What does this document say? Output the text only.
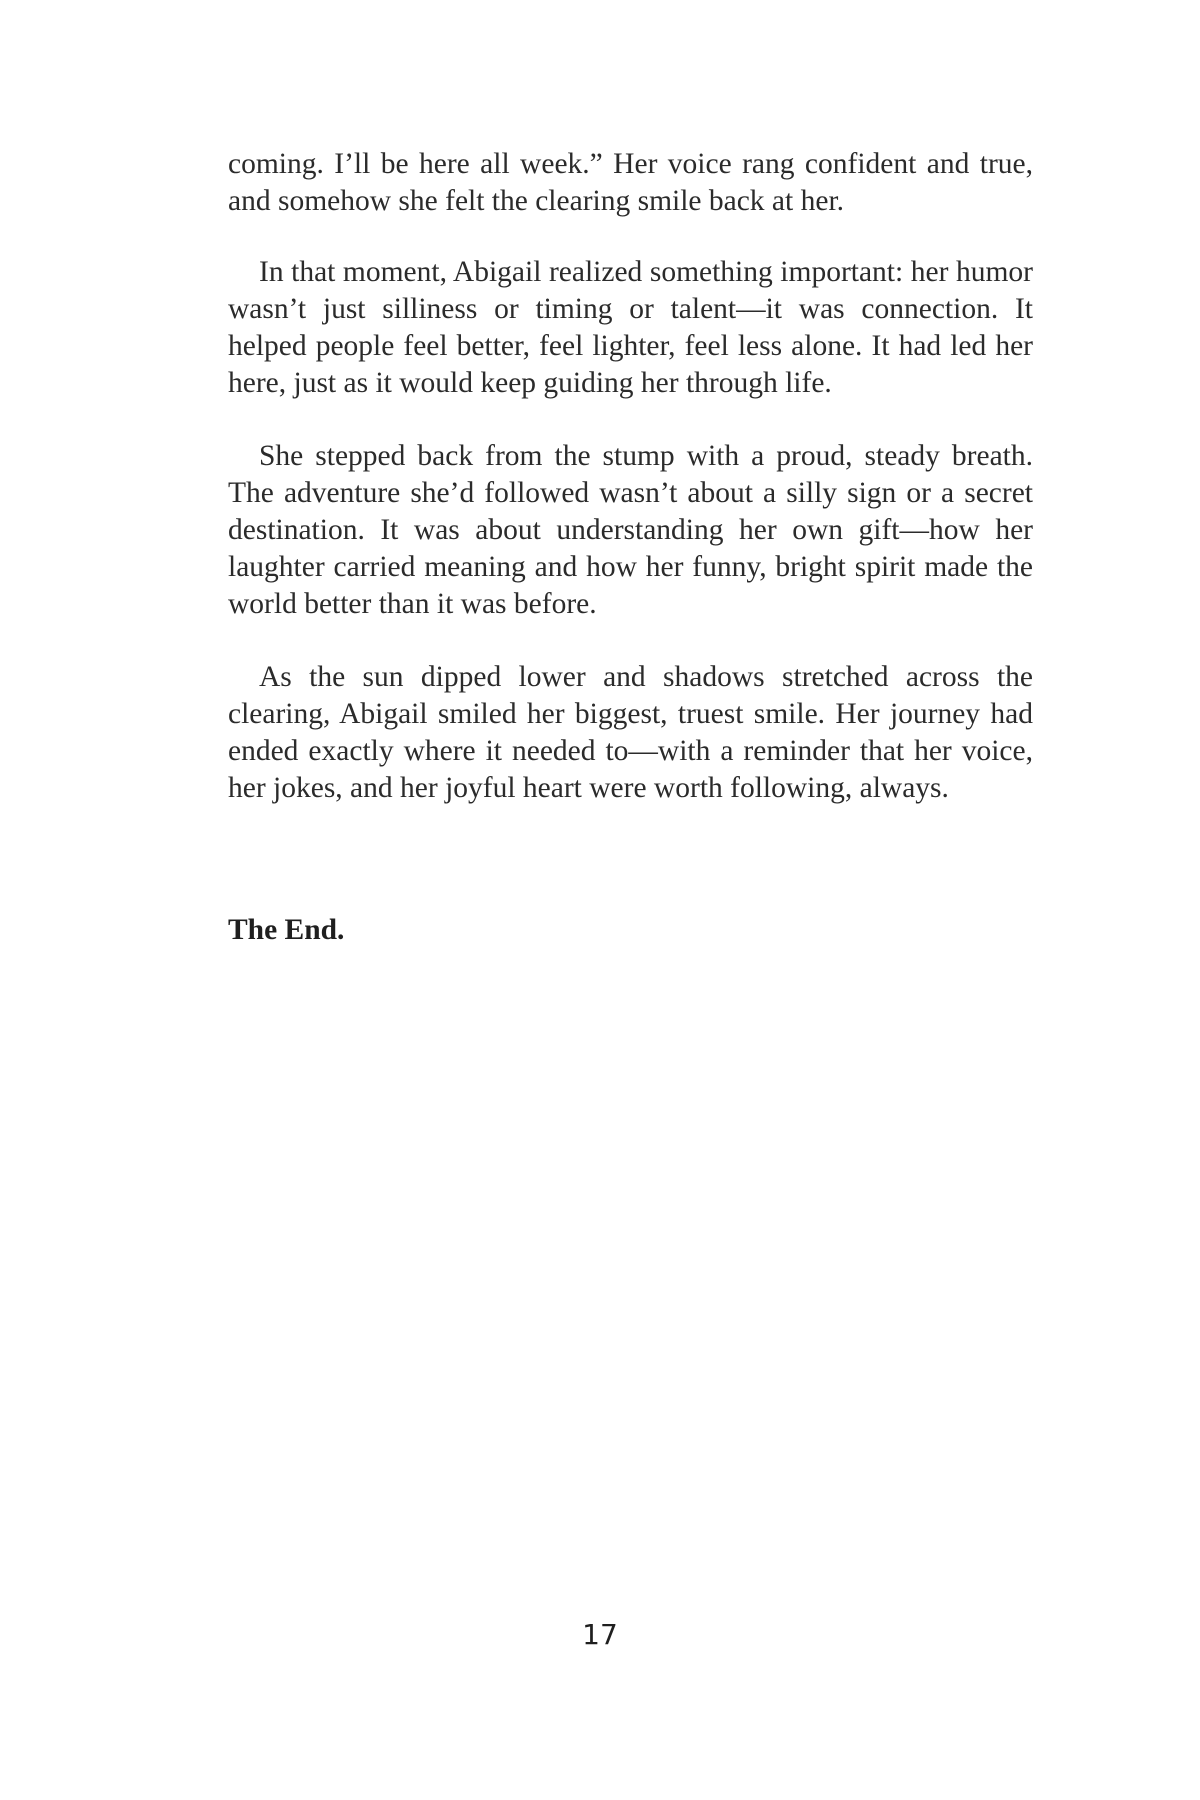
coming. I’ll be here all week.” Her voice rang confident and true, and somehow she felt the clearing smile back at her.

In that moment, Abigail realized something important: her humor wasn’t just silliness or timing or talent—it was connection. It helped people feel better, feel lighter, feel less alone. It had led her here, just as it would keep guiding her through life.

She stepped back from the stump with a proud, steady breath. The adventure she’d followed wasn’t about a silly sign or a secret destination. It was about understanding her own gift—how her laughter carried meaning and how her funny, bright spirit made the world better than it was before.

As the sun dipped lower and shadows stretched across the clearing, Abigail smiled her biggest, truest smile. Her journey had ended exactly where it needed to—with a reminder that her voice, her jokes, and her joyful heart were worth following, always.

The End.
17
